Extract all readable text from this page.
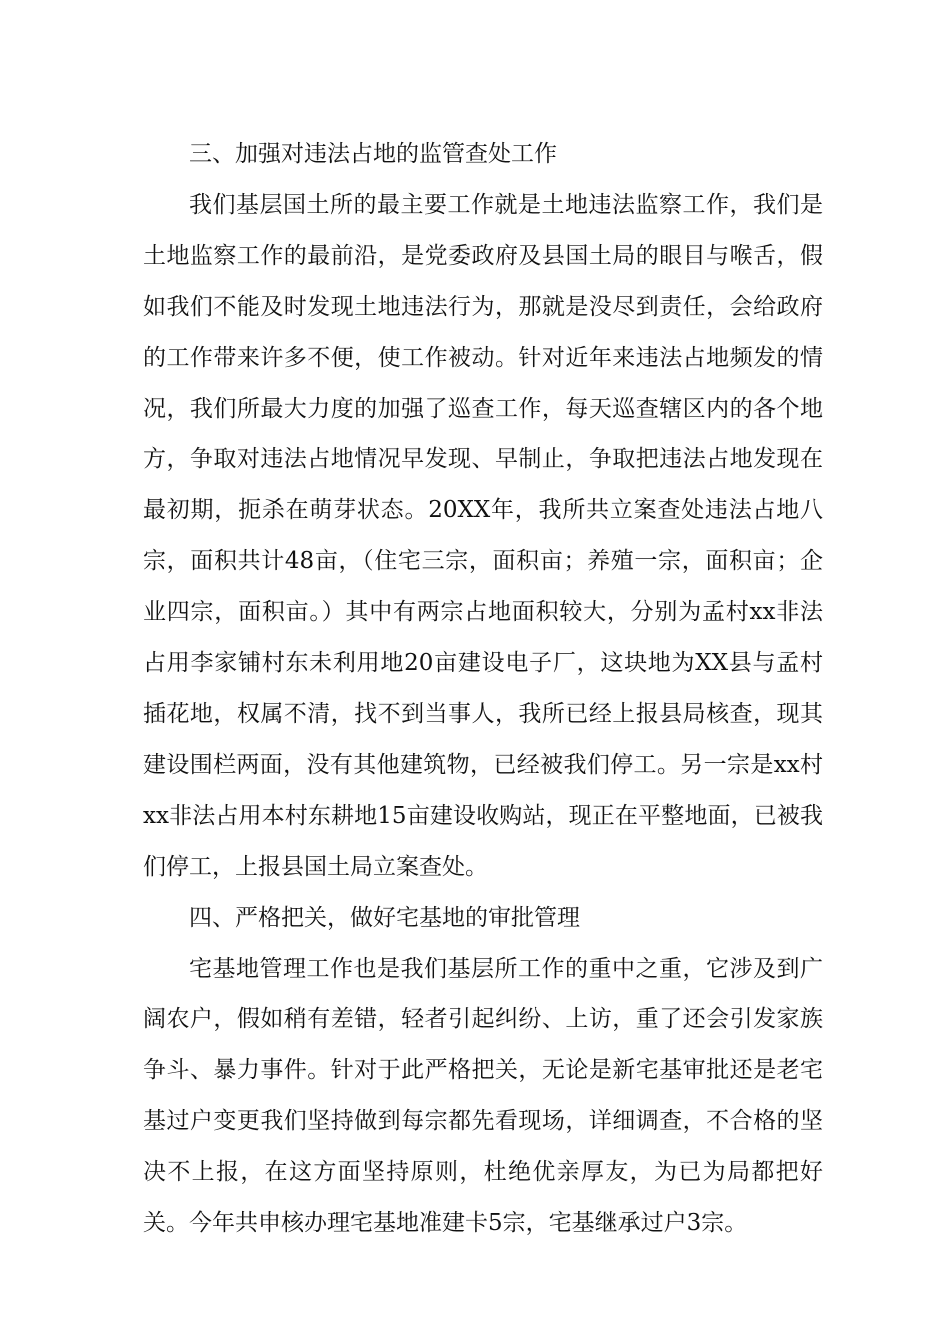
三、加强对违法占地的监管查处工作

我们基层国土所的最主要工作就是土地违法监察工作，我们是土地监察工作的最前沿，是党委政府及县国土局的眼目与喉舌，假如我们不能及时发现土地违法行为，那就是没尽到责任，会给政府的工作带来许多不便，使工作被动。针对近年来违法占地频发的情况，我们所最大力度的加强了巡查工作，每天巡查辖区内的各个地方，争取对违法占地情况早发现、早制止，争取把违法占地发现在最初期，扼杀在萌芽状态。20XX年，我所共立案查处违法占地八宗，面积共计48亩，（住宅三宗，面积亩；养殖一宗，面积亩；企业四宗，面积亩。）其中有两宗占地面积较大，分别为孟村xx非法占用李家铺村东未利用地20亩建设电子厂，这块地为XX县与孟村插花地，权属不清，找不到当事人，我所已经上报县局核查，现其建设围栏两面，没有其他建筑物，已经被我们停工。另一宗是xx村xx非法占用本村东耕地15亩建设收购站，现正在平整地面，已被我们停工，上报县国土局立案查处。

四、严格把关，做好宅基地的审批管理

宅基地管理工作也是我们基层所工作的重中之重，它涉及到广阔农户，假如稍有差错，轻者引起纠纷、上访，重了还会引发家族争斗、暴力事件。针对于此严格把关，无论是新宅基审批还是老宅基过户变更我们坚持做到每宗都先看现场，详细调查，不合格的坚决不上报，在这方面坚持原则，杜绝优亲厚友，为已为局都把好关。今年共申核办理宅基地准建卡5宗，宅基继承过户3宗。
